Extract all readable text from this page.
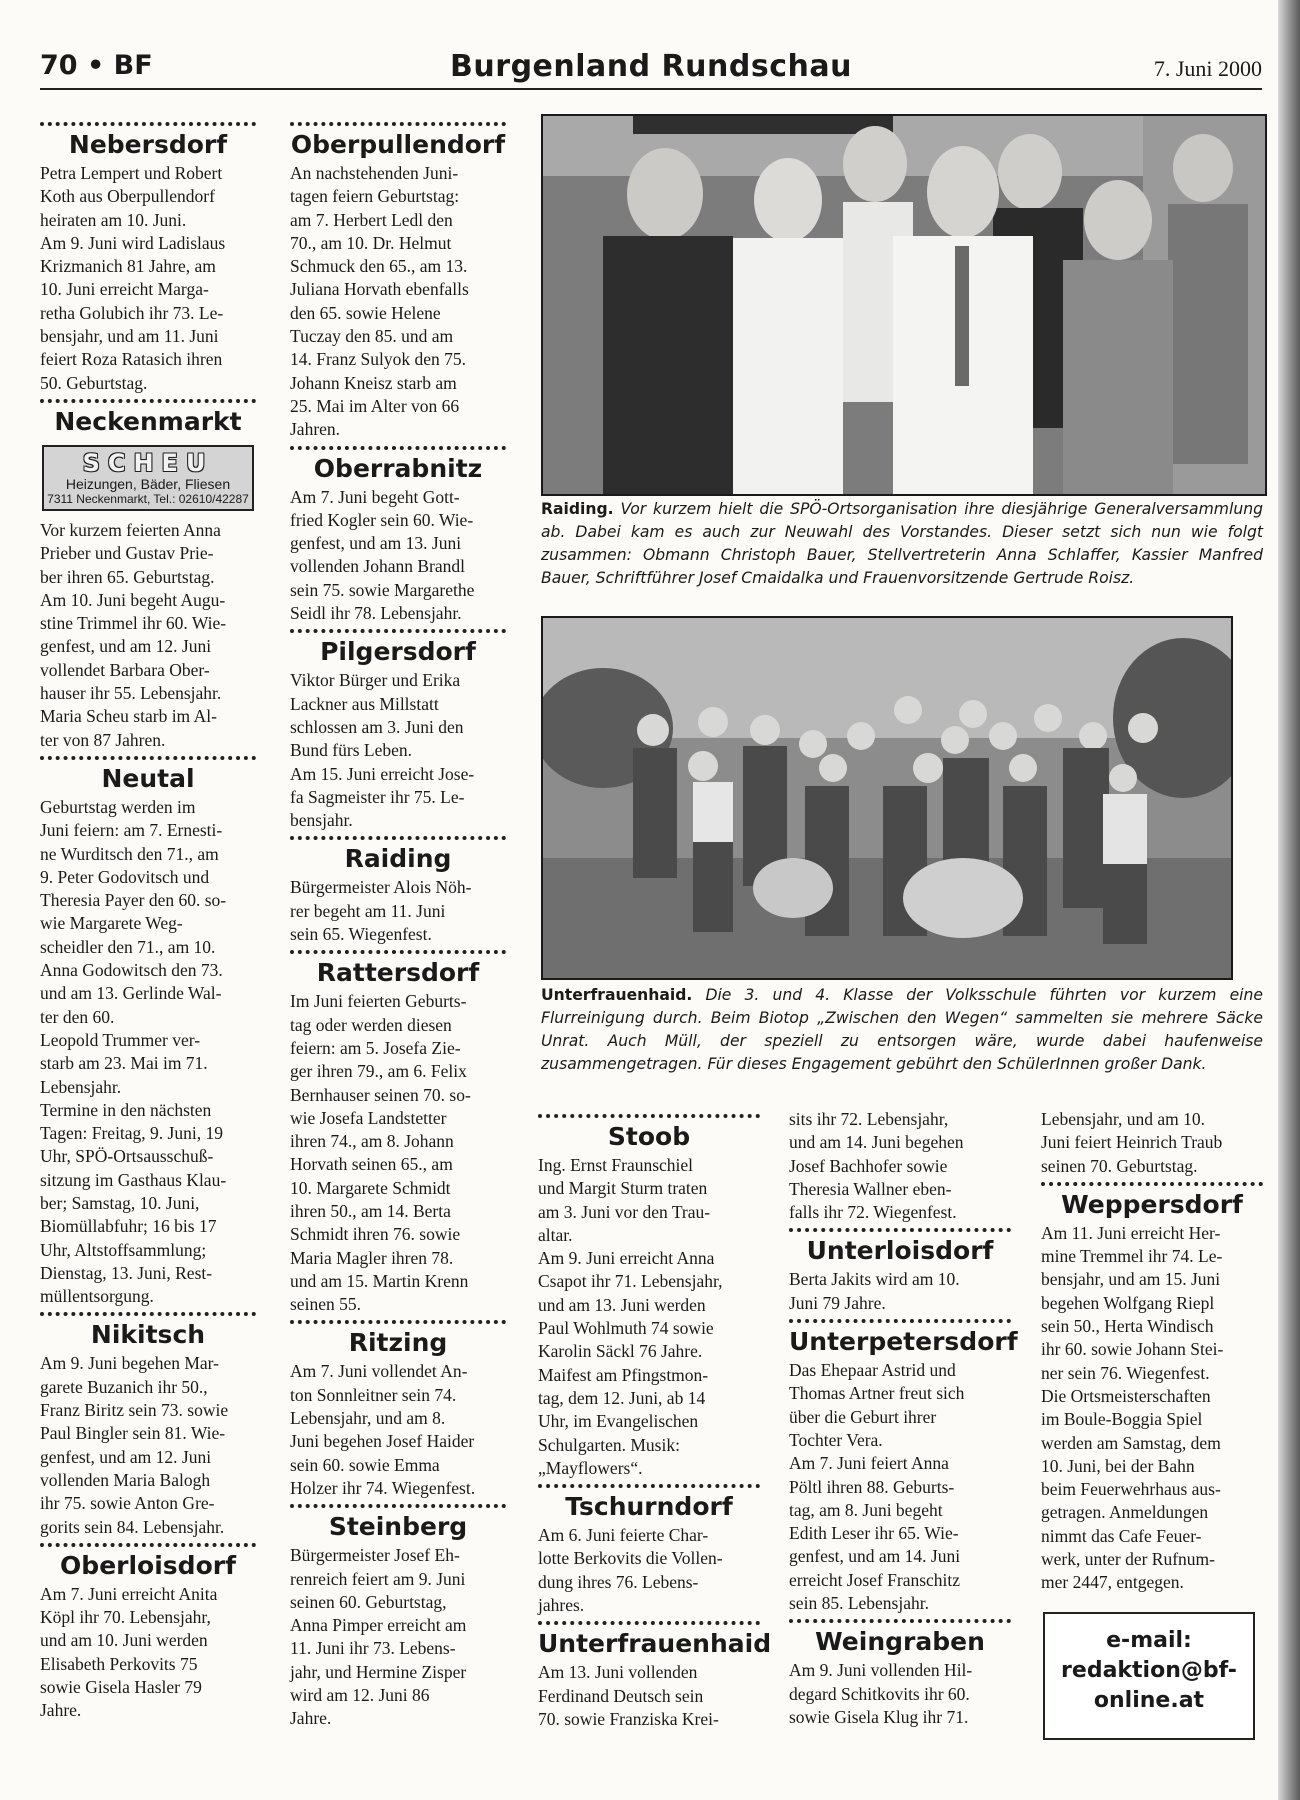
70 • BF	Burgenland Rundschau	7. Juni 2000
Nebersdorf

Petra Lempert und Robert
Koth aus Oberpullendorf
heiraten am 10. Juni.
Am 9. Juni wird Ladislaus
Krizmanich 81 Jahre, am
10. Juni erreicht Marga-
retha Golubich ihr 73. Le-
bensjahr, und am 11. Juni
feiert Roza Ratasich ihren
50. Geburtstag.

Neckenmarkt
SCHEU
Heizungen, Bäder, Fliesen
7311 Neckenmarkt, Tel.: 02610/42287

Vor kurzem feierten Anna
Prieber und Gustav Prie-
ber ihren 65. Geburtstag.
Am 10. Juni begeht Augu-
stine Trimmel ihr 60. Wie-
genfest, und am 12. Juni
vollendet Barbara Ober-
hauser ihr 55. Lebensjahr.
Maria Scheu starb im Al-
ter von 87 Jahren.

Neutal

Geburtstag werden im
Juni feiern: am 7. Ernesti-
ne Wurditsch den 71., am
9. Peter Godovitsch und
Theresia Payer den 60. so-
wie Margarete Weg-
scheidler den 71., am 10.
Anna Godowitsch den 73.
und am 13. Gerlinde Wal-
ter den 60.
Leopold Trummer ver-
starb am 23. Mai im 71.
Lebensjahr.
Termine in den nächsten
Tagen: Freitag, 9. Juni, 19
Uhr, SPÖ-Ortsausschuß-
sitzung im Gasthaus Klau-
ber; Samstag, 10. Juni,
Biomüllabfuhr; 16 bis 17
Uhr, Altstoffsammlung;
Dienstag, 13. Juni, Rest-
müllentsorgung.

Nikitsch

Am 9. Juni begehen Mar-
garete Buzanich ihr 50.,
Franz Biritz sein 73. sowie
Paul Bingler sein 81. Wie-
genfest, und am 12. Juni
vollenden Maria Balogh
ihr 75. sowie Anton Gre-
gorits sein 84. Lebensjahr.

Oberloisdorf

Am 7. Juni erreicht Anita
Köpl ihr 70. Lebensjahr,
und am 10. Juni werden
Elisabeth Perkovits 75
sowie Gisela Hasler 79
Jahre.

Oberpullendorf

An nachstehenden Juni-
tagen feiern Geburtstag:
am 7. Herbert Ledl den
70., am 10. Dr. Helmut
Schmuck den 65., am 13.
Juliana Horvath ebenfalls
den 65. sowie Helene
Tuczay den 85. und am
14. Franz Sulyok den 75.
Johann Kneisz starb am
25. Mai im Alter von 66
Jahren.

Oberrabnitz

Am 7. Juni begeht Gott-
fried Kogler sein 60. Wie-
genfest, und am 13. Juni
vollenden Johann Brandl
sein 75. sowie Margarethe
Seidl ihr 78. Lebensjahr.

Pilgersdorf

Viktor Bürger und Erika
Lackner aus Millstatt
schlossen am 3. Juni den
Bund fürs Leben.
Am 15. Juni erreicht Jose-
fa Sagmeister ihr 75. Le-
bensjahr.

Raiding

Bürgermeister Alois Nöh-
rer begeht am 11. Juni
sein 65. Wiegenfest.

Rattersdorf

Im Juni feierten Geburts-
tag oder werden diesen
feiern: am 5. Josefa Zie-
ger ihren 79., am 6. Felix
Bernhauser seinen 70. so-
wie Josefa Landstetter
ihren 74., am 8. Johann
Horvath seinen 65., am
10. Margarete Schmidt
ihren 50., am 14. Berta
Schmidt ihren 76. sowie
Maria Magler ihren 78.
und am 15. Martin Krenn
seinen 55.

Ritzing

Am 7. Juni vollendet An-
ton Sonnleitner sein 74.
Lebensjahr, und am 8.
Juni begehen Josef Haider
sein 60. sowie Emma
Holzer ihr 74. Wiegenfest.

Steinberg

Bürgermeister Josef Eh-
renreich feiert am 9. Juni
seinen 60. Geburtstag,
Anna Pimper erreicht am
11. Juni ihr 73. Lebens-
jahr, und Hermine Zisper
wird am 12. Juni 86
Jahre.

Raiding. Vor kurzem hielt die SPÖ-Ortsorganisation ihre diesjährige Generalversammlung ab. Dabei kam es auch zur Neuwahl des Vorstandes. Dieser setzt sich nun wie folgt zusammen: Obmann Christoph Bauer, Stellvertreterin Anna Schlaffer, Kassier Manfred Bauer, Schriftführer Josef Cmaidalka und Frauenvorsitzende Gertrude Roisz.
Unterfrauenhaid. Die 3. und 4. Klasse der Volksschule führten vor kurzem eine Flurreinigung durch. Beim Biotop „Zwischen den Wegen“ sammelten sie mehrere Säcke Unrat. Auch Müll, der speziell zu entsorgen wäre, wurde dabei haufenweise zusammengetragen. Für dieses Engagement gebührt den SchülerInnen großer Dank.
Stoob

Ing. Ernst Fraunschiel
und Margit Sturm traten
am 3. Juni vor den Trau-
altar.
Am 9. Juni erreicht Anna
Csapot ihr 71. Lebensjahr,
und am 13. Juni werden
Paul Wohlmuth 74 sowie
Karolin Säckl 76 Jahre.
Maifest am Pfingstmon-
tag, dem 12. Juni, ab 14
Uhr, im Evangelischen
Schulgarten. Musik:
„Mayflowers“.

Tschurndorf

Am 6. Juni feierte Char-
lotte Berkovits die Vollen-
dung ihres 76. Lebens-
jahres.

Unterfrauenhaid

Am 13. Juni vollenden
Ferdinand Deutsch sein
70. sowie Franziska Krei-

sits ihr 72. Lebensjahr,
und am 14. Juni begehen
Josef Bachhofer sowie
Theresia Wallner eben-
falls ihr 72. Wiegenfest.

Unterloisdorf

Berta Jakits wird am 10.
Juni 79 Jahre.

Unterpetersdorf

Das Ehepaar Astrid und
Thomas Artner freut sich
über die Geburt ihrer
Tochter Vera.
Am 7. Juni feiert Anna
Pöltl ihren 88. Geburts-
tag, am 8. Juni begeht
Edith Leser ihr 65. Wie-
genfest, und am 14. Juni
erreicht Josef Franschitz
sein 85. Lebensjahr.

Weingraben

Am 9. Juni vollenden Hil-
degard Schitkovits ihr 60.
sowie Gisela Klug ihr 71.

Lebensjahr, und am 10.
Juni feiert Heinrich Traub
seinen 70. Geburtstag.

Weppersdorf

Am 11. Juni erreicht Her-
mine Tremmel ihr 74. Le-
bensjahr, und am 15. Juni
begehen Wolfgang Riepl
sein 50., Herta Windisch
ihr 60. sowie Johann Stei-
ner sein 76. Wiegenfest.
Die Ortsmeisterschaften
im Boule-Boggia Spiel
werden am Samstag, dem
10. Juni, bei der Bahn
beim Feuerwehrhaus aus-
getragen. Anmeldungen
nimmt das Cafe Feuer-
werk, unter der Rufnum-
mer 2447, entgegen.

e-mail:
redaktion@bf-
online.at
